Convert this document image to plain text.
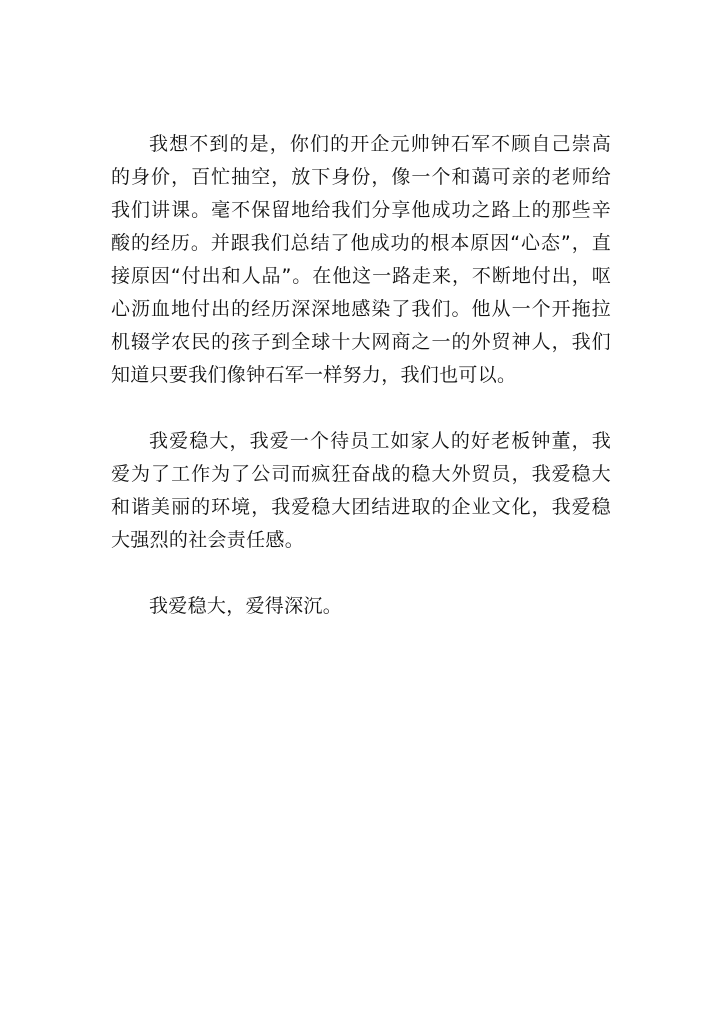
我想不到的是，你们的开企元帅钟石军不顾自己崇高的身价，百忙抽空，放下身份，像一个和蔼可亲的老师给我们讲课。毫不保留地给我们分享他成功之路上的那些辛酸的经历。并跟我们总结了他成功的根本原因“心态”，直接原因“付出和人品”。在他这一路走来，不断地付出，呕心沥血地付出的经历深深地感染了我们。他从一个开拖拉机辍学农民的孩子到全球十大网商之一的外贸神人，我们知道只要我们像钟石军一样努力，我们也可以。

我爱稳大，我爱一个待员工如家人的好老板钟董，我爱为了工作为了公司而疯狂奋战的稳大外贸员，我爱稳大和谐美丽的环境，我爱稳大团结进取的企业文化，我爱稳大强烈的社会责任感。

我爱稳大，爱得深沉。
